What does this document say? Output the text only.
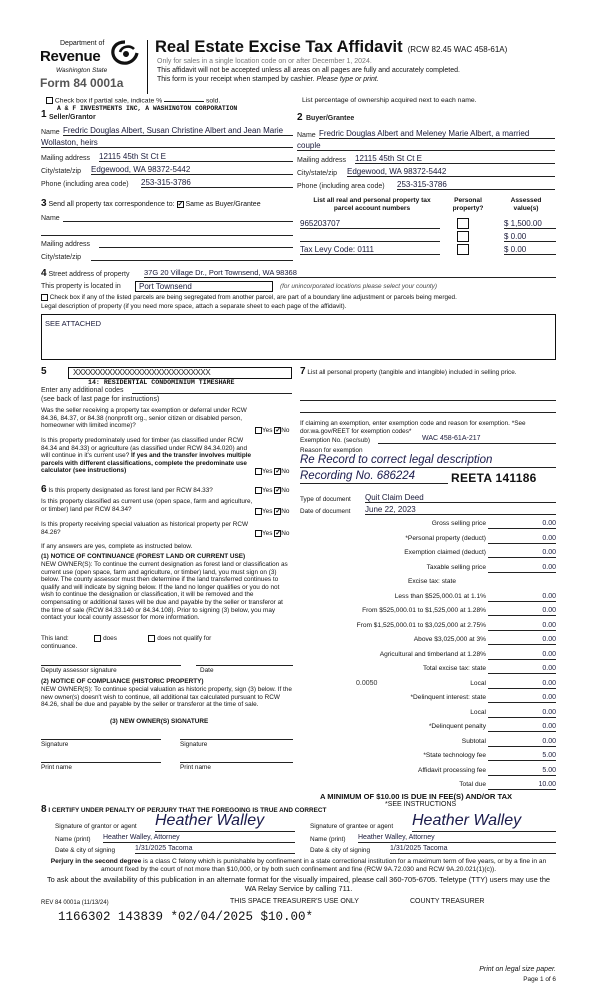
Department of
Revenue
Washington State
Form 84 0001a
Real Estate Excise Tax Affidavit (RCW 82.45 WAC 458-61A)
Only for sales in a single location code on or after December 1, 2024.
This affidavit will not be accepted unless all areas on all pages are fully and accurately completed.
This form is your receipt when stamped by cashier. Please type or print.
Check box if partial sale, indicate %	sold.	List percentage of ownership acquired next to each name.
A & F INVESTMENTS INC, A WASHINGTON CORPORATION
1 Seller/Grantor
Name Fredric Douglas Albert, Susan Christine Albert and Jean Marie
Wollaston, heirs
Mailing address 12115 45th St Ct E
City/state/zip Edgewood, WA 98372-5442
Phone (including area code) 253-315-3786
2 Buyer/Grantee
Name Fredric Douglas Albert and Meleney Marie Albert, a married
couple
Mailing address 12115 45th St Ct E
City/state/zip Edgewood, WA 98372-5442
Phone (including area code) 253-315-3786
3 Send all property tax correspondence to: ✓ Same as Buyer/Grantee
Name
Mailing address
City/state/zip
List all real and personal property tax parcel account numbers
Personal property?
Assessed value(s)
965203707	$ 1,500.00
$ 0.00
Tax Levy Code: 0111	$ 0.00
4 Street address of property	37G 20 Village Dr., Port Townsend, WA 98368
This property is located in	Port Townsend	(for unincorporated locations please select your county)
Check box if any of the listed parcels are being segregated from another parcel, are part of a boundary line adjustment or parcels being merged.
Legal description of property (if you need more space, attach a separate sheet to each page of the affidavit).
SEE ATTACHED
5	XXXXXXXXXXXXXXXXXXXXXXXXXXXX
14: RESIDENTIAL CONDOMINIUM TIMESHARE
Enter any additional codes
(see back of last page for instructions)
Was the seller receiving a property tax exemption or deferral under RCW 84.36, 84.37, or 84.38 (nonprofit org., senior citizen or disabled person, homeowner with limited income)?
Yes ✓ No
Is this property predominately used for timber (as classified under RCW 84.34 and 84.33) or agriculture (as classified under RCW 84.34.020) and will continue in it's current use? If yes and the transfer involves multiple parcels with different classifications, complete the predominate use calculator (see instructions)	Yes ✓ No
6 Is this property designated as forest land per RCW 84.33?	Yes ✓ No
Is this property classified as current use (open space, farm and agriculture, or timber) land per RCW 84.34?	Yes ✓ No
Is this property receiving special valuation as historical property per RCW 84.26?	Yes ✓ No
If any answers are yes, complete as instructed below.
(1) NOTICE OF CONTINUANCE (FOREST LAND OR CURRENT USE)
NEW OWNER(S): To continue the current designation as forest land or classification as current use (open space, farm and agriculture, or timber) land, you must sign on (3) below. The county assessor must then determine if the land transferred continues to qualify and will indicate by signing below. If the land no longer qualifies or you do not wish to continue the designation or classification, it will be removed and the compensating or additional taxes will be due and payable by the seller or transferor at the time of sale (RCW 84.33.140 or 84.34.108). Prior to signing (3) below, you may contact your local county assessor for more information.
This land:	does	does not qualify for
continuance.
Deputy assessor signature	Date
(2) NOTICE OF COMPLIANCE (HISTORIC PROPERTY)
NEW OWNER(S): To continue special valuation as historic property, sign (3) below. If the new owner(s) doesn't wish to continue, all additional tax calculated pursuant to RCW 84.26, shall be due and payable by the seller or transferor at the time of sale.
(3) NEW OWNER(S) SIGNATURE
Signature	Signature
Print name	Print name
7 List all personal property (tangible and intangible) included in selling price.
If claiming an exemption, enter exemption code and reason for exemption. *See dor.wa.gov/REET for exemption codes*
Exemption No. (sec/sub)	WAC 458-61A-217
Reason for exemption
Re Record to correct legal description
Recording No. 686224	REETA 141186
Type of document Quit Claim Deed
Date of document June 22, 2023
Gross selling price	0.00
*Personal property (deduct)	0.00
Exemption claimed (deduct)	0.00
Taxable selling price	0.00
Excise tax: state
Less than $525,000.01 at 1.1%	0.00
From $525,000.01 to $1,525,000 at 1.28%	0.00
From $1,525,000.01 to $3,025,000 at 2.75%	0.00
Above $3,025,000 at 3%	0.00
Agricultural and timberland at 1.28%	0.00
Total excise tax: state	0.00
0.0050	Local	0.00
*Delinquent interest: state	0.00
Local	0.00
*Delinquent penalty	0.00
Subtotal	0.00
*State technology fee	5.00
Affidavit processing fee	5.00
Total due	10.00
A MINIMUM OF $10.00 IS DUE IN FEE(S) AND/OR TAX
*SEE INSTRUCTIONS
8 I CERTIFY UNDER PENALTY OF PERJURY THAT THE FOREGOING IS TRUE AND CORRECT
Signature of grantor or agent Heather Walley
Name (print) Heather Walley, Attorney
Date & city of signing	1/31/2025 Tacoma
Signature of grantee or agent Heather Walley
Name (print) Heather Walley, Attorney
Date & city of signing	1/31/2025 Tacoma
Perjury in the second degree is a class C felony which is punishable by confinement in a state correctional institution for a maximum term of five years, or by a fine in an amount fixed by the court of not more than $10,000, or by both such confinement and fine (RCW 9A.72.030 and RCW 9A.20.021(1)(c)).
To ask about the availability of this publication in an alternate format for the visually impaired, please call 360-705-6705. Teletype (TTY) users may use the WA Relay Service by calling 711.
REV 84 0001a (11/13/24)	THIS SPACE TREASURER'S USE ONLY	COUNTY TREASURER
1166302 143839 *02/04/2025 $10.00*
Print on legal size paper.
Page 1 of 6
